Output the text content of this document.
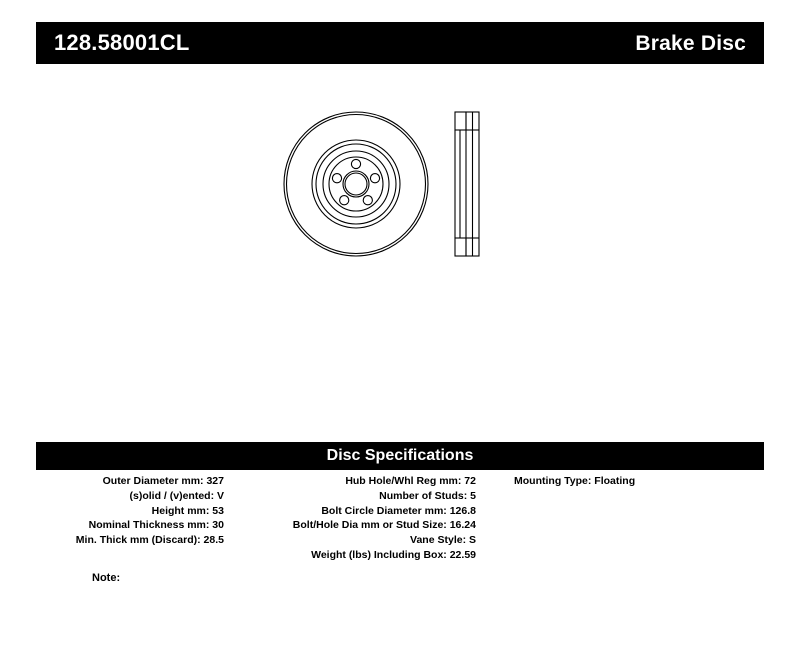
128.58001CL	Brake Disc
Disc Specifications
Outer Diameter mm: 327
(s)olid / (v)ented: V
Height mm: 53
Nominal Thickness mm: 30
Min. Thick mm (Discard): 28.5
Hub Hole/Whl Reg mm: 72
Number of Studs: 5
Bolt Circle Diameter mm: 126.8
Bolt/Hole Dia mm or Stud Size: 16.24
Vane Style: S
Weight (lbs) Including Box: 22.59
Mounting Type: Floating
Note:
